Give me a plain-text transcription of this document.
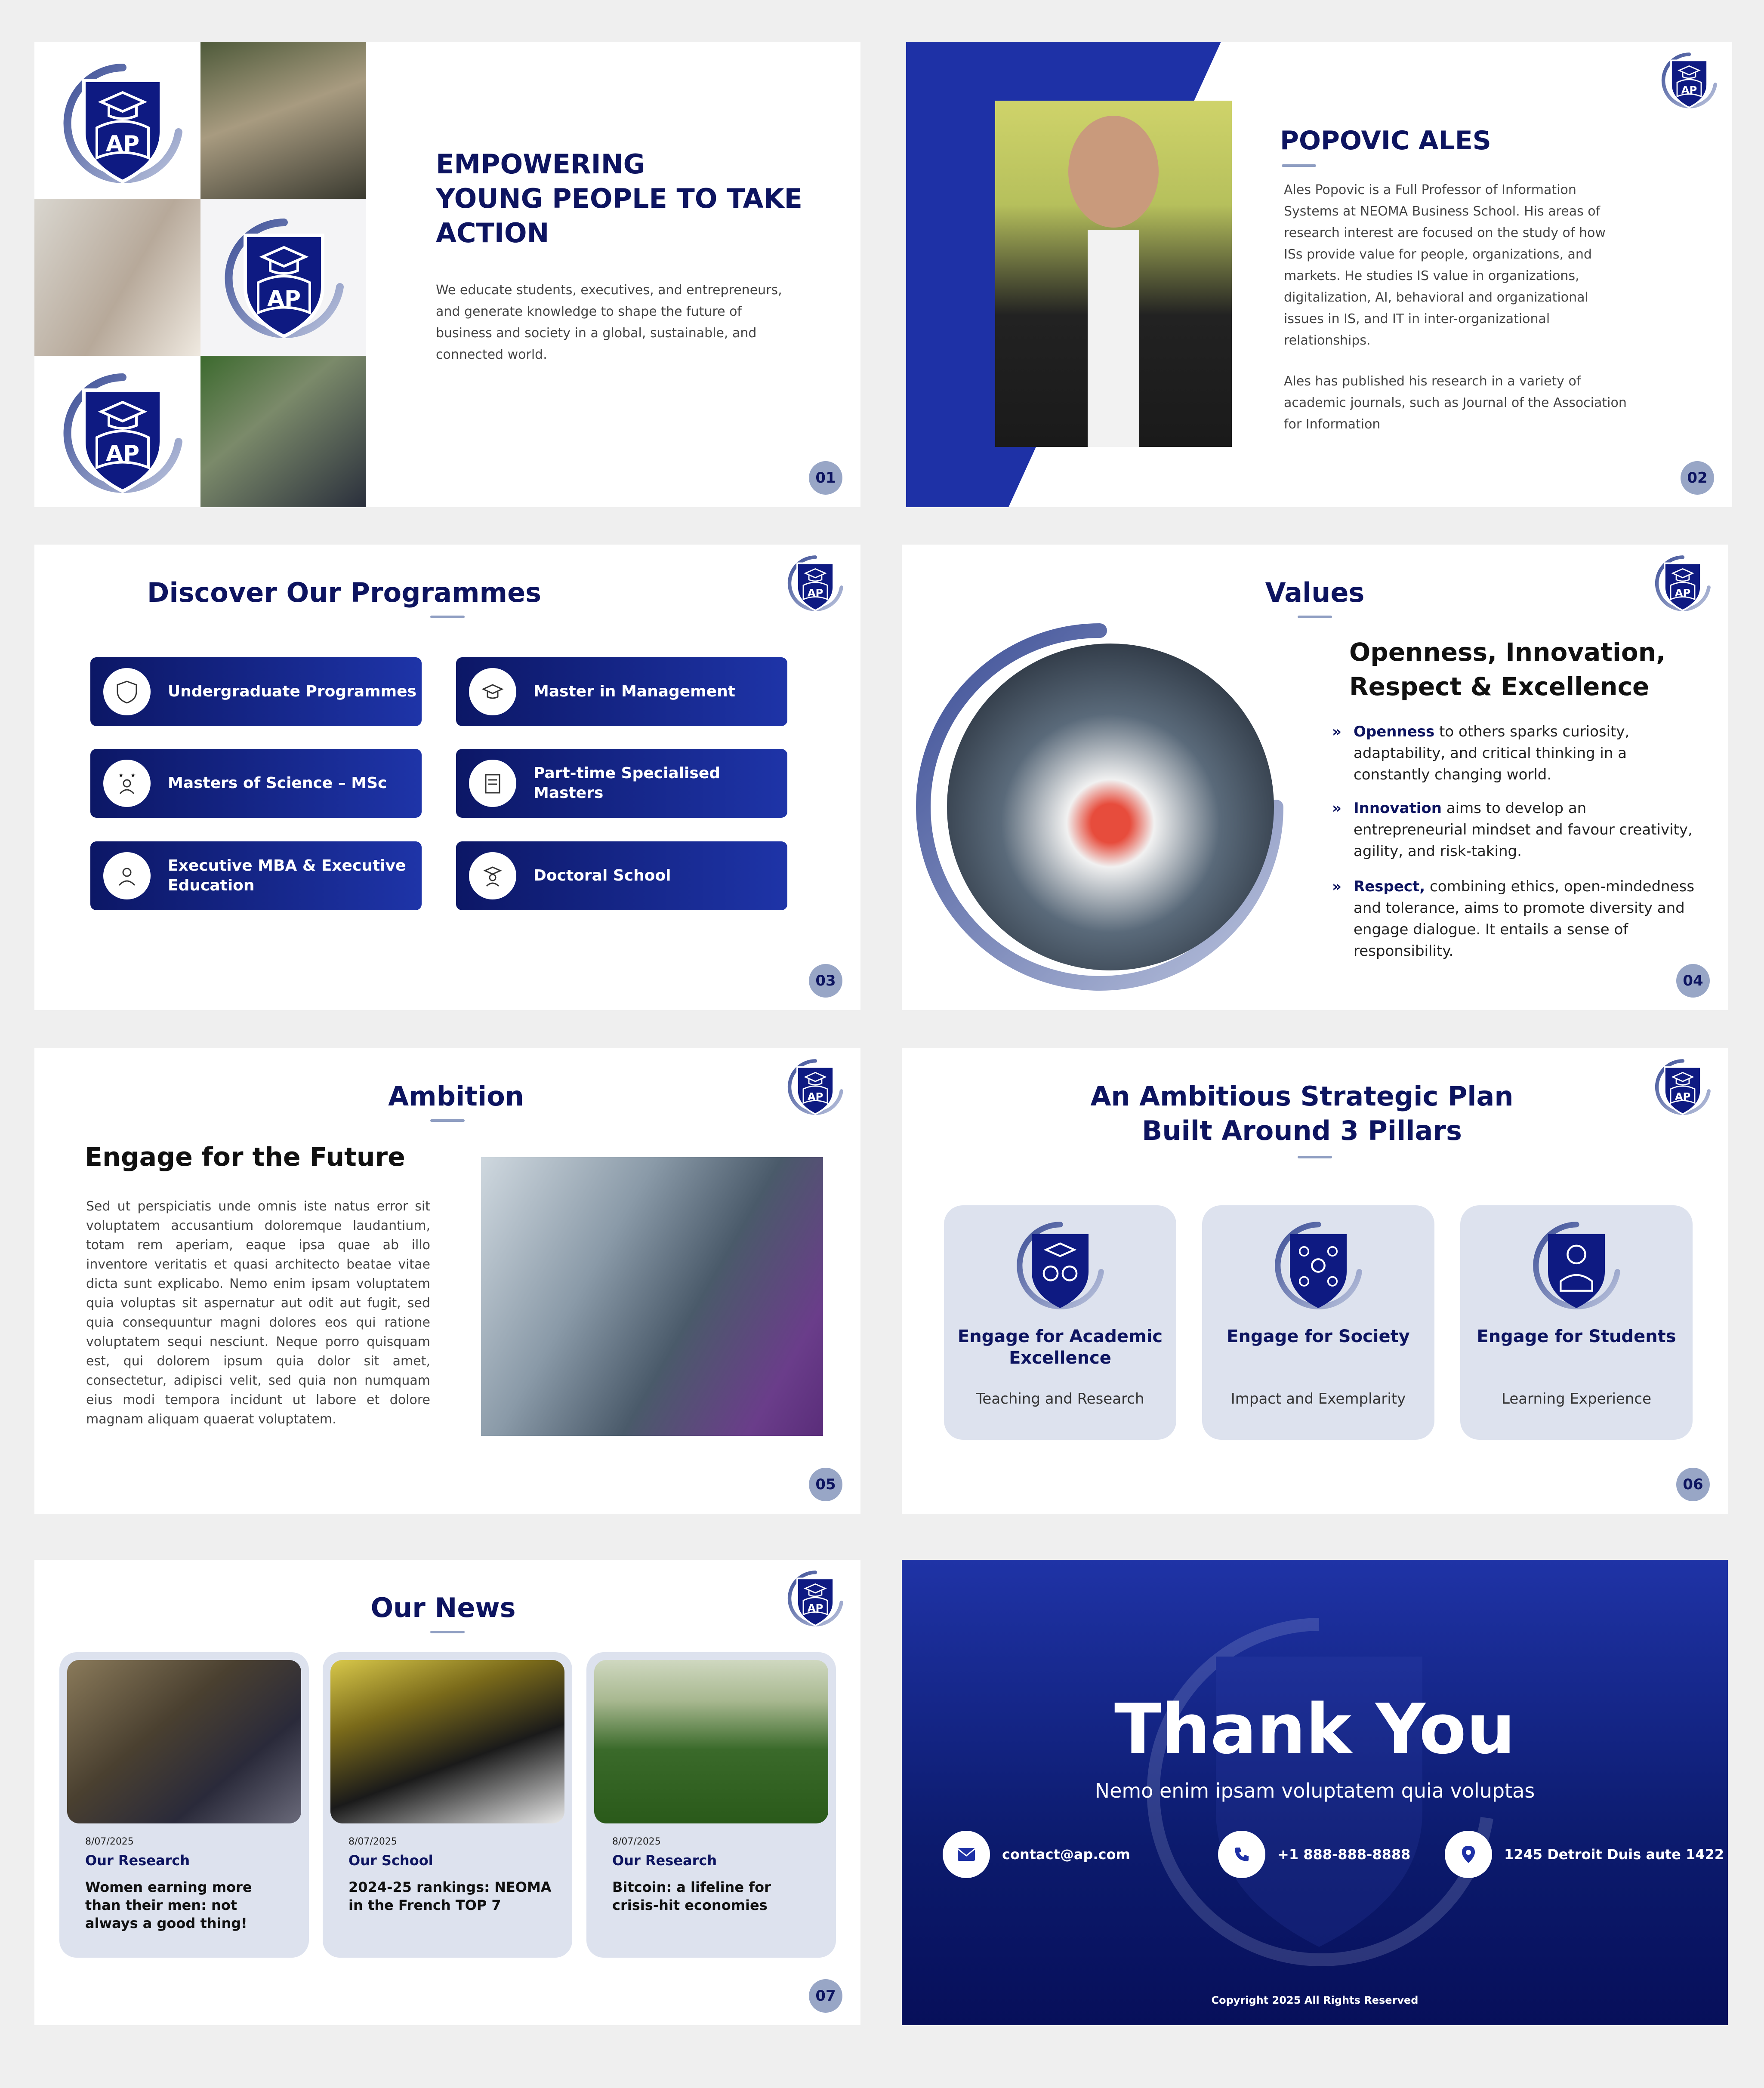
EMPOWERING
YOUNG PEOPLE TO TAKE
ACTION
We educate students, executives, and entrepreneurs, and generate knowledge to shape the future of business and society in a global, sustainable, and connected world.
01
POPOVIC ALES
Ales Popovic is a Full Professor of Information Systems at NEOMA Business School. His areas of research interest are focused on the study of how ISs provide value for people, organizations, and markets. He studies IS value in organizations, digitalization, AI, behavioral and organizational issues in IS, and IT in inter-organizational relationships.
Ales has published his research in a variety of academic journals, such as Journal of the Association for Information
02
Discover Our Programmes
Undergraduate Programmes	Master in Management
★ ★ Masters of Science – MSc
Part-time Specialised Masters
Executive MBA & Executive Education
Doctoral School
03
Values
Openness, Innovation, Respect & Excellence
» Openness to others sparks curiosity, adaptability, and critical thinking in a constantly changing world.
» Innovation aims to develop an entrepreneurial mindset and favour creativity, agility, and risk-taking.
» Respect, combining ethics, open-mindedness and tolerance, aims to promote diversity and engage dialogue. It entails a sense of responsibility.
04
Ambition
Engage for the Future
Sed ut perspiciatis unde omnis iste natus error sit voluptatem accusantium doloremque laudantium, totam rem aperiam, eaque ipsa quae ab illo inventore veritatis et quasi architecto beatae vitae dicta sunt explicabo. Nemo enim ipsam voluptatem quia voluptas sit aspernatur aut odit aut fugit, sed quia consequuntur magni dolores eos qui ratione voluptatem sequi nesciunt. Neque porro quisquam est, qui dolorem ipsum quia dolor sit amet, consectetur, adipisci velit, sed quia non numquam eius modi tempora incidunt ut labore et dolore magnam aliquam quaerat voluptatem.
05
An Ambitious Strategic Plan
Built Around 3 Pillars
Engage for Academic Excellence
Teaching and Research
Engage for Society
Impact and Exemplarity
Engage for Students
Learning Experience
06
Our News
8/07/2025
Our Research
Women earning more than their men: not always a good thing!
8/07/2025
Our School
2024-25 rankings: NEOMA in the French TOP 7
8/07/2025
Our Research
Bitcoin: a lifeline for crisis-hit economies
07
Thank You
Nemo enim ipsam voluptatem quia voluptas
contact@ap.com	+1 888-888-8888	1245 Detroit Duis aute 1422
Copyright 2025 All Rights Reserved
